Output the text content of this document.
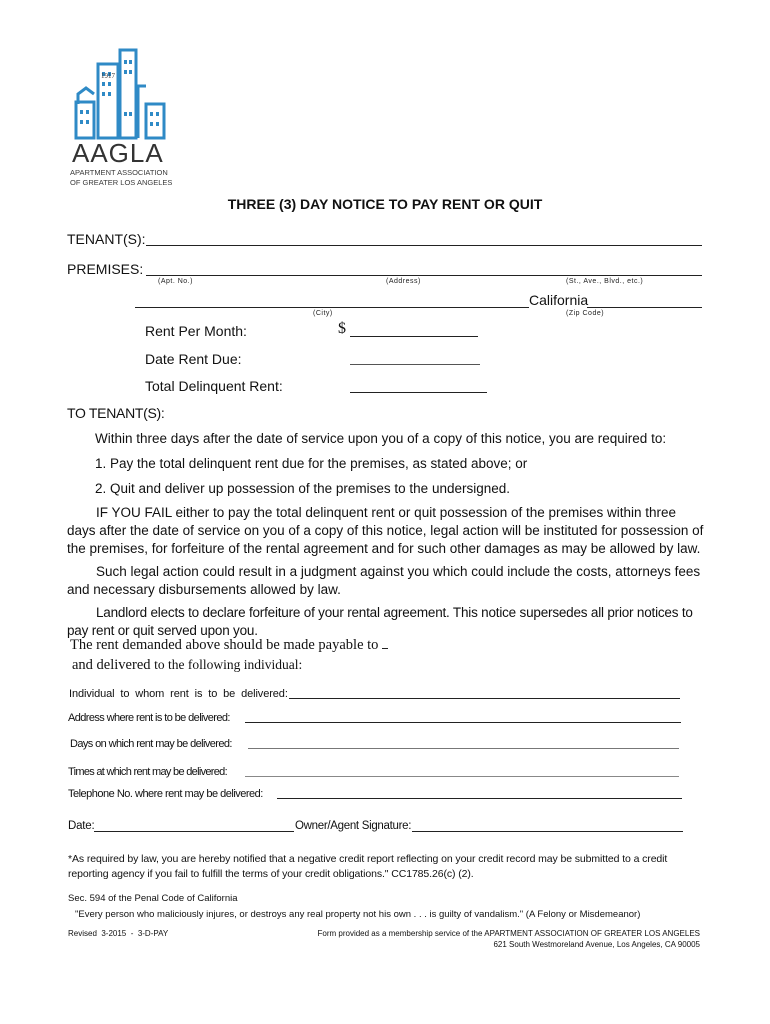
1917
AAGLA
APARTMENT ASSOCIATION
OF GREATER LOS ANGELES
THREE (3) DAY NOTICE TO PAY RENT OR QUIT
TENANT(S):
PREMISES:
(Apt. No.)	(Address)	(St., Ave., Blvd., etc.)
California
(City)	(Zip Code)
Rent Per Month:	$
Date Rent Due:
Total Delinquent Rent:
TO TENANT(S):
Within three days after the date of service upon you of a copy of this notice, you are required to:
1. Pay the total delinquent rent due for the premises, as stated above; or
2. Quit and deliver up possession of the premises to the undersigned.
IF YOU FAIL either to pay the total delinquent rent or quit possession of the premises within three days after the date of service on you of a copy of this notice, legal action will be instituted for possession of the premises, for forfeiture of the rental agreement and for such other damages as may be allowed by law.
Such legal action could result in a judgment against you which could include the costs, attorneys fees and necessary disbursements allowed by law.
Landlord elects to declare forfeiture of your rental agreement. This notice supersedes all prior notices to pay rent or quit served upon you.
The rent demanded above should be made payable to
and delivered to the following individual:
Individual  to  whom  rent  is  to  be  delivered:
Address where rent is to be delivered:
Days on which rent may be delivered:
Times at which rent may be delivered:
Telephone No. where rent may be delivered:
Date:	Owner/Agent Signature:
*As required by law, you are hereby notified that a negative credit report reflecting on your credit record may be submitted to a credit reporting agency if you fail to fulfill the terms of your credit obligations." CC1785.26(c) (2).
Sec. 594 of the Penal Code of California
"Every person who maliciously injures, or destroys any real property not his own . . . is guilty of vandalism." (A Felony or Misdemeanor)
Revised  3-2015  -  3-D-PAY	Form provided as a membership service of the APARTMENT ASSOCIATION OF GREATER LOS ANGELES
621 South Westmoreland Avenue, Los Angeles, CA 90005
